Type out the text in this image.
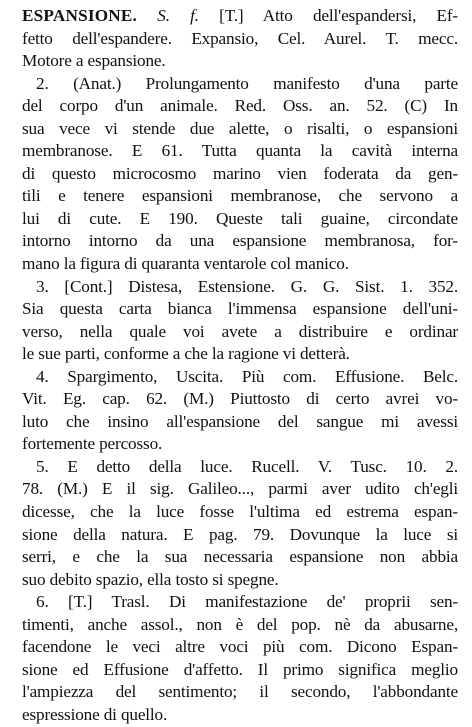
ESPANSIONE. S. f. [T.] Atto dell'espandersi, Ef-
fetto dell'espandere. Expansio, Cel. Aurel. T. mecc.
Motore a espansione.
2. (Anat.) Prolungamento manifesto d'una parte
del corpo d'un animale. Red. Oss. an. 52. (C) In
sua vece vi stende due alette, o risalti, o espansioni
membranose. E 61. Tutta quanta la cavità interna
di questo microcosmo marino vien foderata da gen-
tili e tenere espansioni membranose, che servono a
lui di cute. E 190. Queste tali guaine, circondate
intorno intorno da una espansione membranosa, for-
mano la figura di quaranta ventarole col manico.
3. [Cont.] Distesa, Estensione. G. G. Sist. 1. 352.
Sia questa carta bianca l'immensa espansione dell'uni-
verso, nella quale voi avete a distribuire e ordinar
le sue parti, conforme a che la ragione vi detterà.
4. Spargimento, Uscita. Più com. Effusione. Belc.
Vit. Eg. cap. 62. (M.) Piuttosto di certo avrei vo-
luto che insino all'espansione del sangue mi avessi
fortemente percosso.
5. E detto della luce. Rucell. V. Tusc. 10. 2.
78. (M.) E il sig. Galileo..., parmi aver udito ch'egli
dicesse, che la luce fosse l'ultima ed estrema espan-
sione della natura. E pag. 79. Dovunque la luce si
serri, e che la sua necessaria espansione non abbia
suo debito spazio, ella tosto si spegne.
6. [T.] Trasl. Di manifestazione de' proprii sen-
timenti, anche assol., non è del pop. nè da abusarne,
facendone le veci altre voci più com. Dicono Espan-
sione ed Effusione d'affetto. Il primo significa meglio
l'ampiezza del sentimento; il secondo, l'abbondante
espressione di quello.
